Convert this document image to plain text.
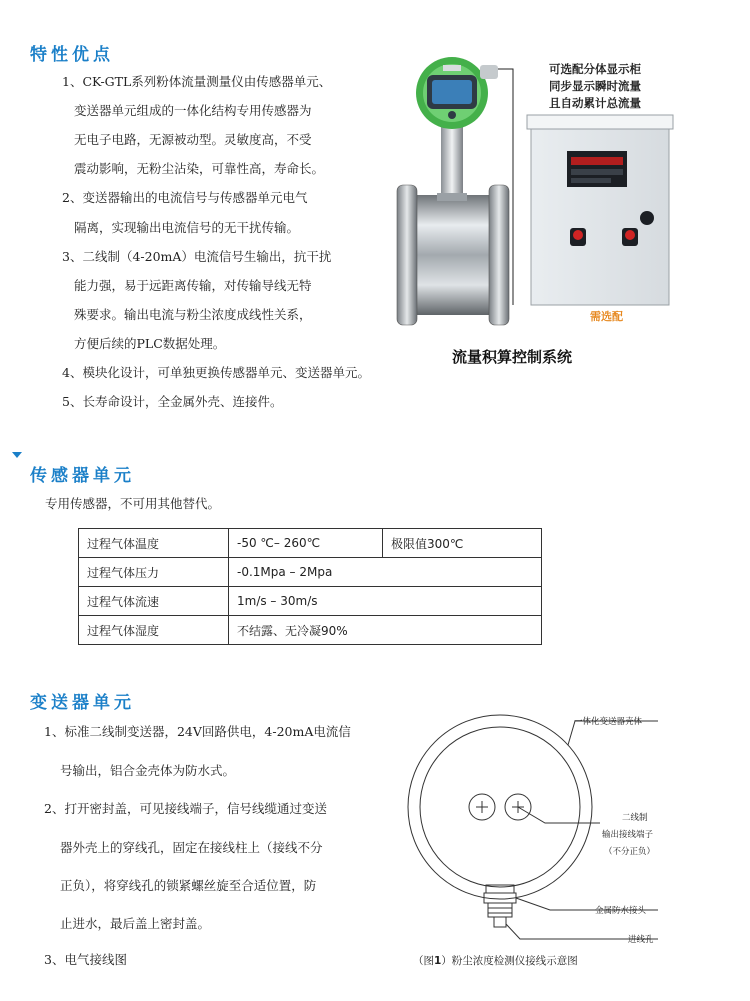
特性优点
1、CK-GTL系列粉体流量测量仪由传感器单元、
变送器单元组成的一体化结构专用传感器为
无电子电路，无源被动型。灵敏度高，不受
震动影响，无粉尘沾染，可靠性高，寿命长。
2、变送器输出的电流信号与传感器单元电气
隔离，实现输出电流信号的无干扰传输。
3、二线制（4-20mA）电流信号生输出，抗干扰
能力强，易于远距离传输，对传输导线无特
殊要求。输出电流与粉尘浓度成线性关系，
方便后续的PLC数据处理。
4、模块化设计，可单独更换传感器单元、变送器单元。
5、长寿命设计，全金属外壳、连接件。
可选配分体显示柜
同步显示瞬时流量
且自动累计总流量
需选配
流量积算控制系统
传感器单元
专用传感器，不可用其他替代。
过程气体温度	-50 ℃– 260℃	极限值300℃
过程气体压力	-0.1Mpa – 2Mpa	
过程气体流速	1m/s – 30m/s	
过程气体湿度	不结露、无冷凝90%	
变送器单元
1、标准二线制变送器，24V回路供电，4-20mA电流信
号输出，铝合金壳体为防水式。
2、打开密封盖，可见接线端子，信号线缆通过变送
器外壳上的穿线孔，固定在接线柱上（接线不分
正负），将穿线孔的锁紧螺丝旋至合适位置，防
止进水，最后盖上密封盖。
3、电气接线图
一体化变送器壳体
二线制
输出接线端子
（不分正负）
金属防水接头
进线孔
（图1）粉尘浓度检测仪接线示意图
